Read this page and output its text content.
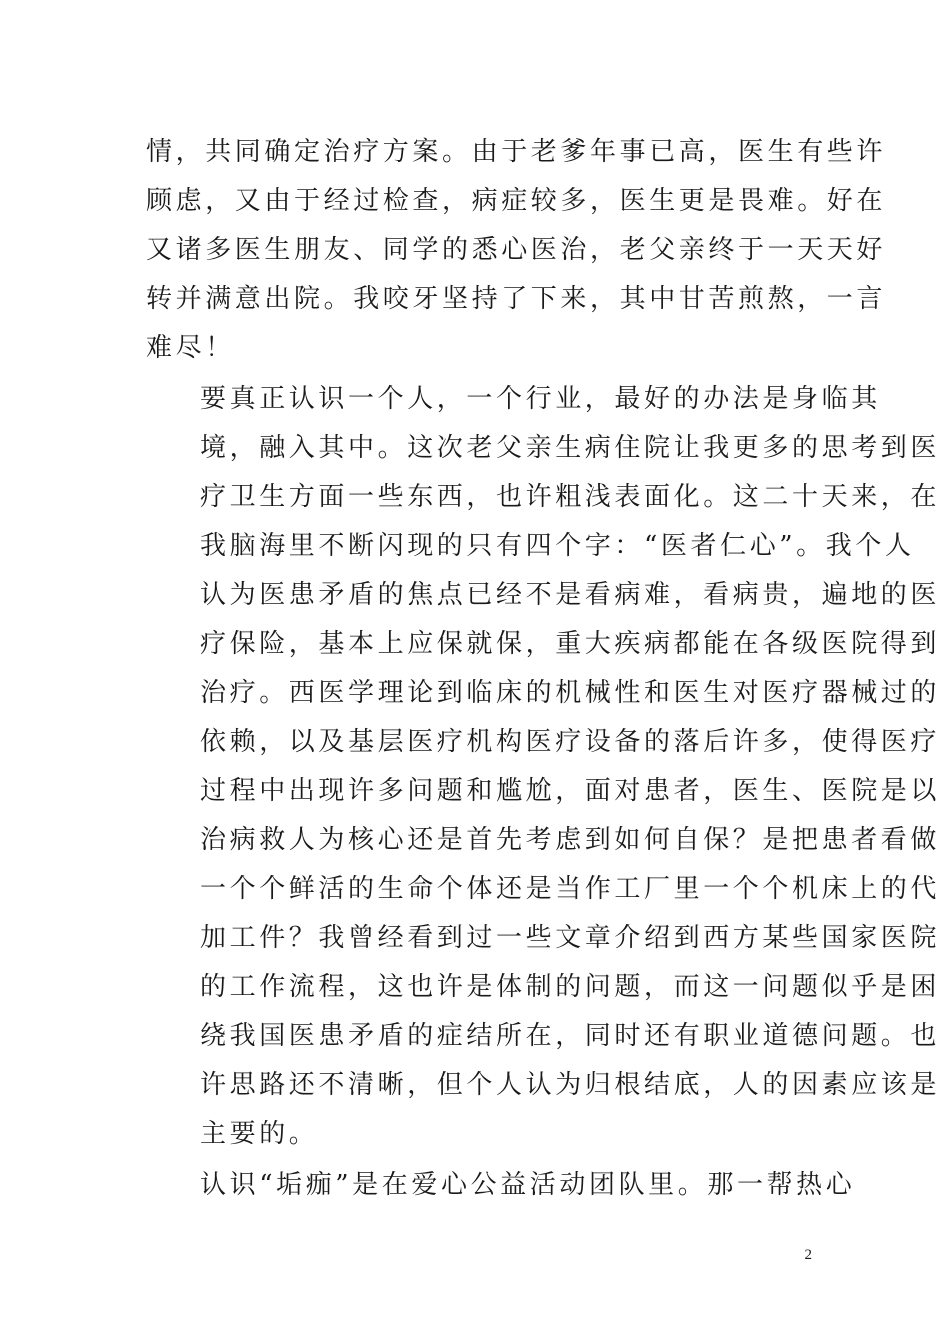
情，共同确定治疗方案。由于老爹年事已高，医生有些许
顾虑，又由于经过检查，病症较多，医生更是畏难。好在
又诸多医生朋友、同学的悉心医治，老父亲终于一天天好
转并满意出院。我咬牙坚持了下来，其中甘苦煎熬，一言
难尽！

要真正认识一个人，一个行业，最好的办法是身临其
境，融入其中。这次老父亲生病住院让我更多的思考到医
疗卫生方面一些东西，也许粗浅表面化。这二十天来，在
我脑海里不断闪现的只有四个字：“医者仁心”。我个人
认为医患矛盾的焦点已经不是看病难，看病贵，遍地的医
疗保险，基本上应保就保，重大疾病都能在各级医院得到
治疗。西医学理论到临床的机械性和医生对医疗器械过的
依赖，以及基层医疗机构医疗设备的落后许多，使得医疗
过程中出现许多问题和尴尬，面对患者，医生、医院是以
治病救人为核心还是首先考虑到如何自保？是把患者看做
一个个鲜活的生命个体还是当作工厂里一个个机床上的代
加工件？我曾经看到过一些文章介绍到西方某些国家医院
的工作流程，这也许是体制的问题，而这一问题似乎是困
绕我国医患矛盾的症结所在，同时还有职业道德问题。也
许思路还不清晰，但个人认为归根结底，人的因素应该是
主要的。

认识“垢痂”是在爱心公益活动团队里。那一帮热心

2
